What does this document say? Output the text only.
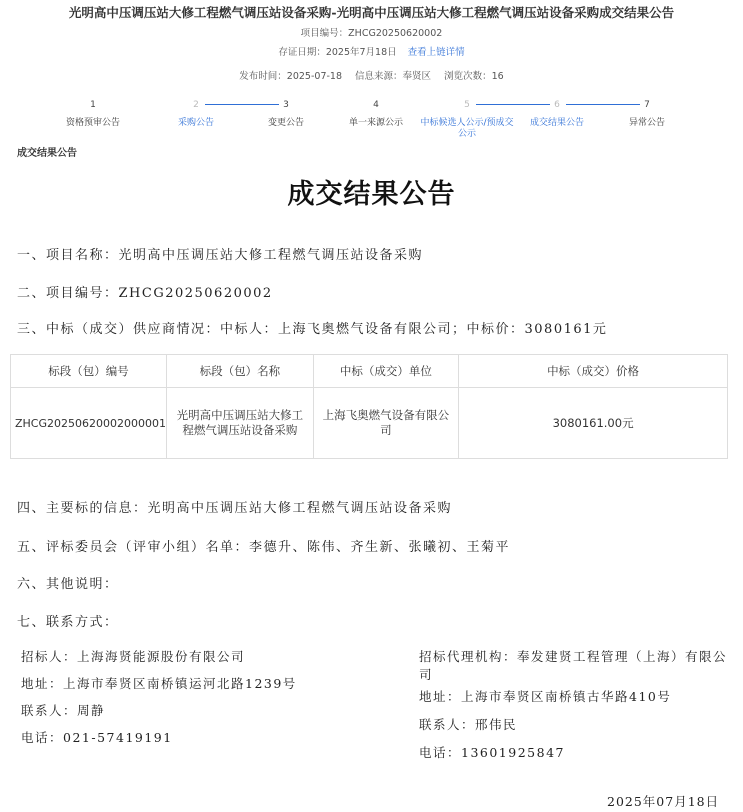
光明高中压调压站大修工程燃气调压站设备采购-光明高中压调压站大修工程燃气调压站设备采购成交结果公告
项目编号：ZHCG20250620002
存证日期：2025年7月18日 查看上链详情
发布时间：2025-07-18 信息来源：奉贤区 浏览次数：16
1
资格预审公告
2
采购公告
3
变更公告
4
单一来源公示
5
中标候选人公示/预成交公示
6
成交结果公告
7
异常公告
成交结果公告
成交结果公告
一、项目名称：光明高中压调压站大修工程燃气调压站设备采购
二、项目编号：ZHCG20250620002
三、中标（成交）供应商情况：中标人：上海飞奥燃气设备有限公司；中标价：3080161元
标段（包）编号	标段（包）名称	中标（成交）单位	中标（成交）价格
ZHCG20250620002000001	光明高中压调压站大修工程燃气调压站设备采购	上海飞奥燃气设备有限公司	3080161.00元
四、主要标的信息：光明高中压调压站大修工程燃气调压站设备采购
五、评标委员会（评审小组）名单：李德升、陈伟、齐生新、张曦初、王菊平
六、其他说明：
七、联系方式：
招标人：上海海贤能源股份有限公司
地址：上海市奉贤区南桥镇运河北路1239号
联系人：周静
电话：021-57419191
招标代理机构：奉发建贤工程管理（上海）有限公司
地址：上海市奉贤区南桥镇古华路410号
联系人：邢伟民
电话：13601925847
2025年07月18日
